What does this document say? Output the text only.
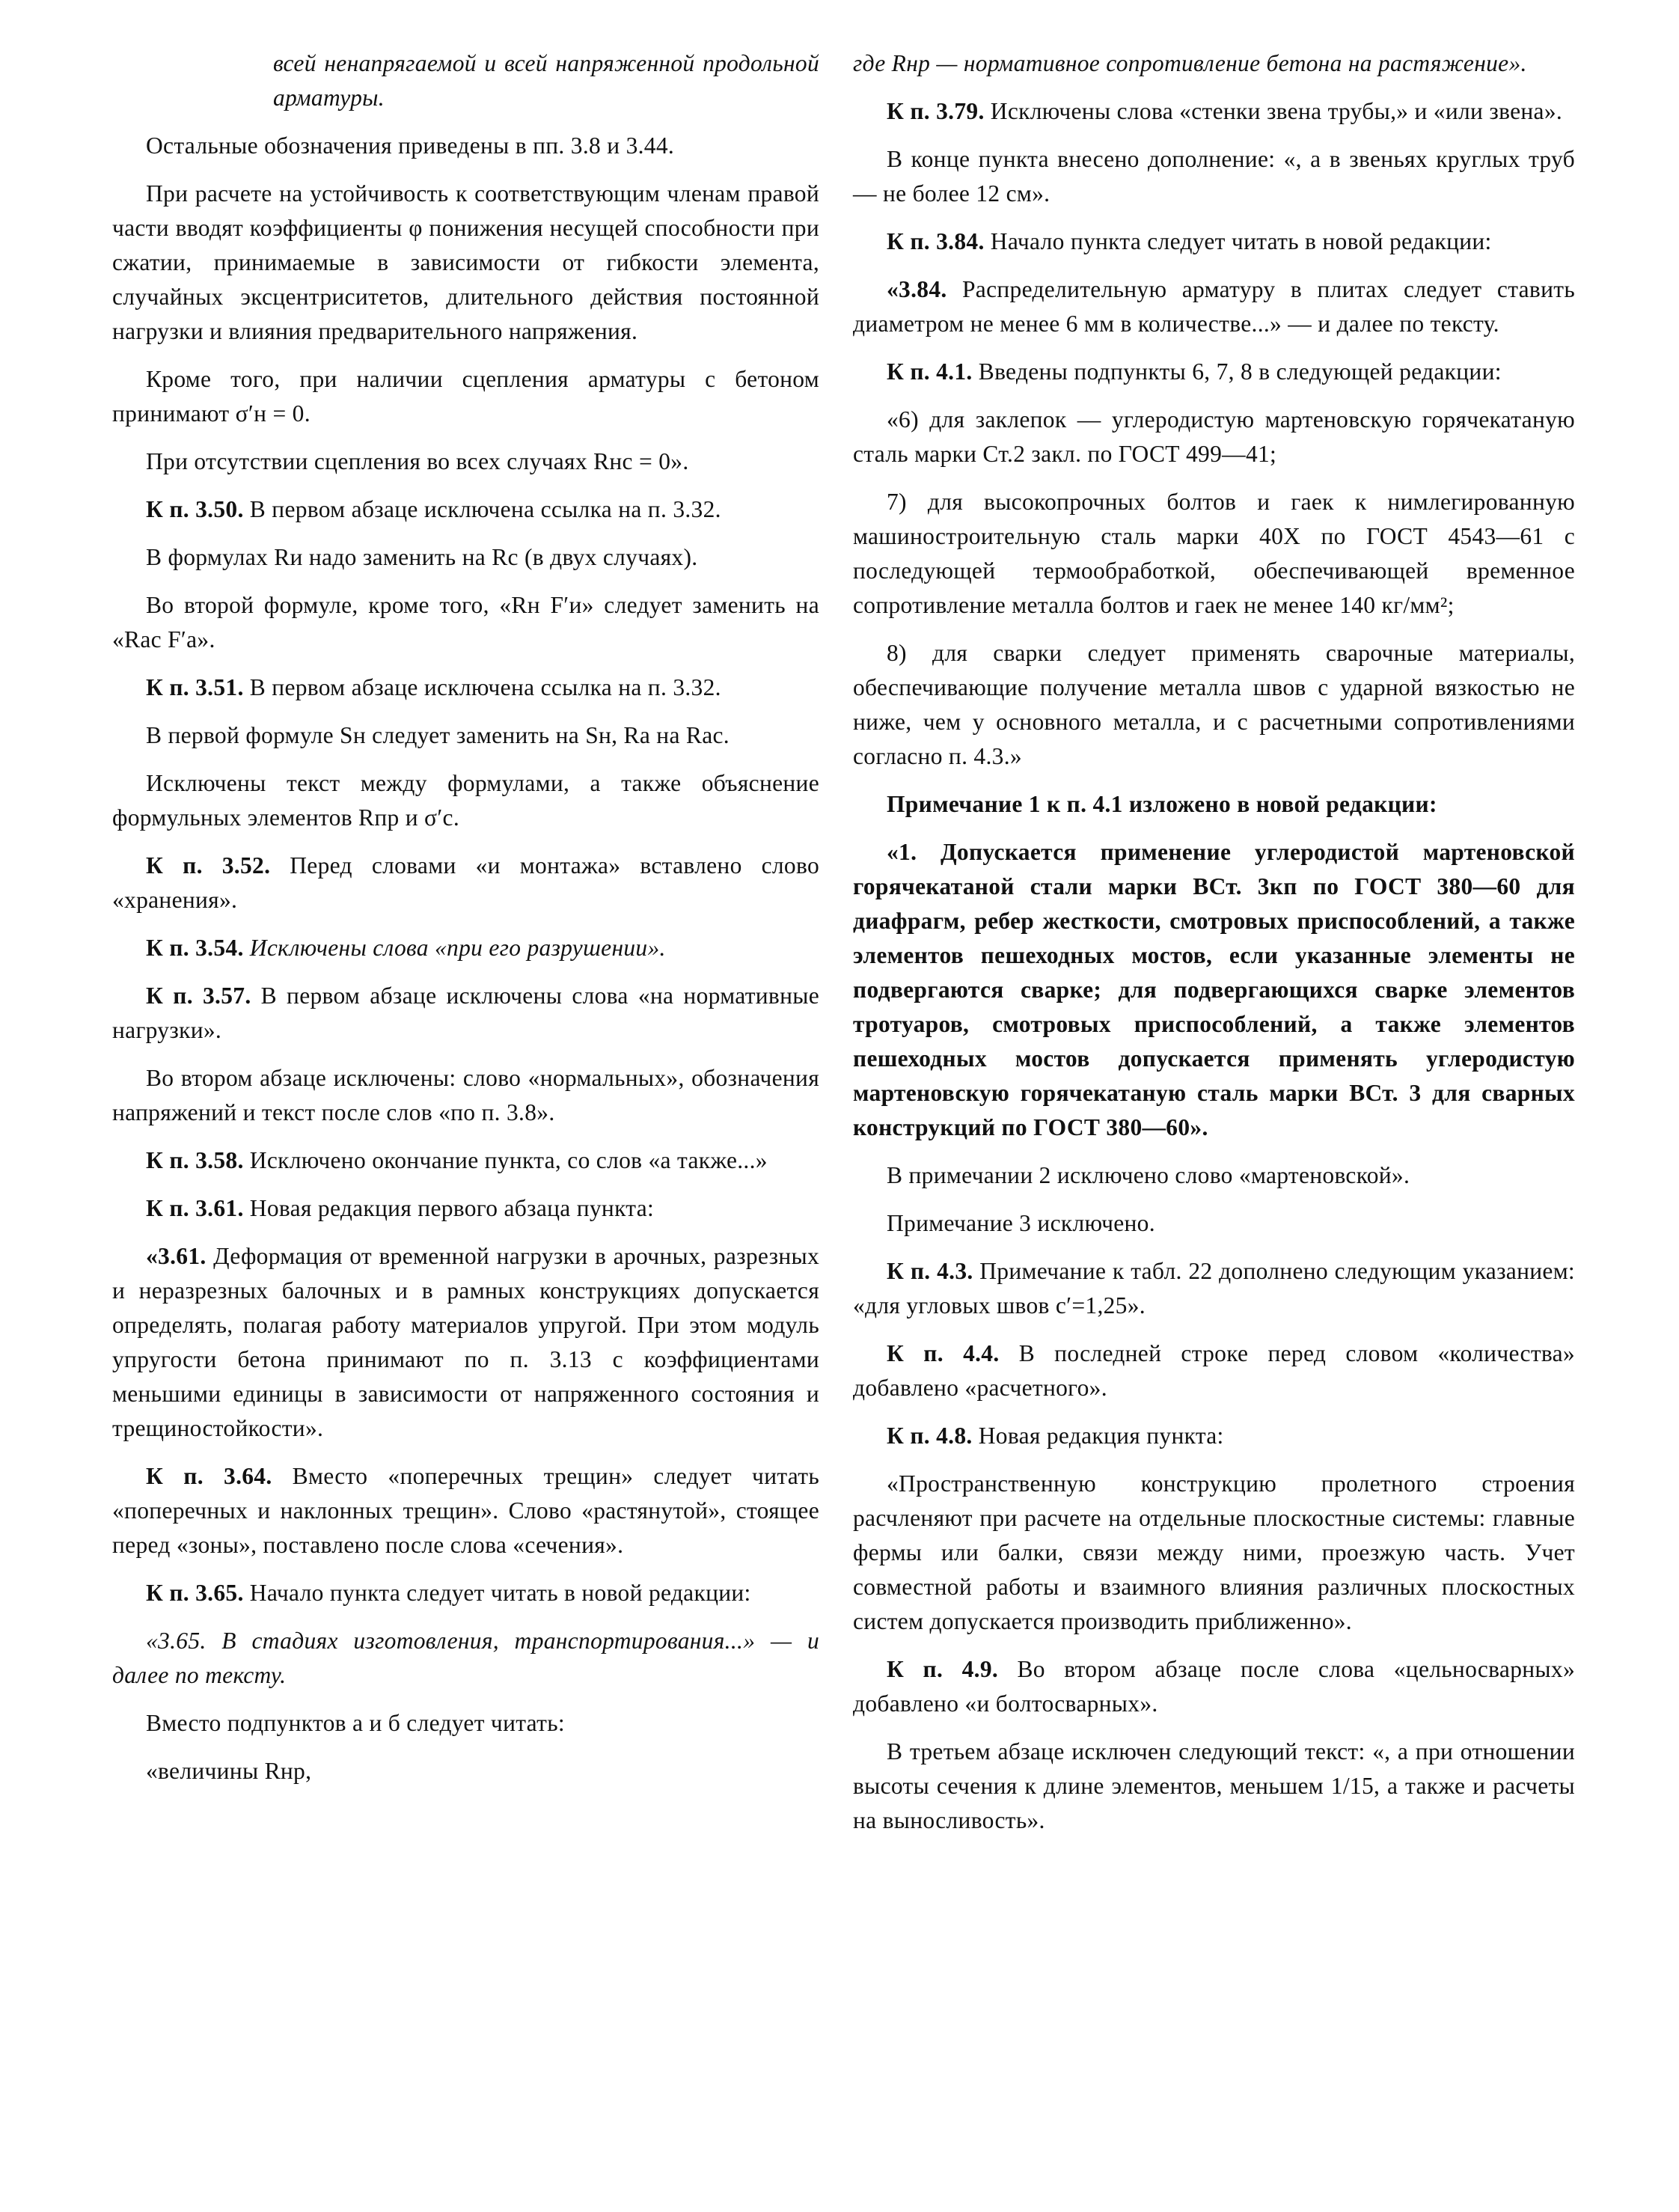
всей ненапрягаемой и всей напряженной продольной арматуры.

Остальные обозначения приведены в пп. 3.8 и 3.44.

При расчете на устойчивость к соответствующим членам правой части вводят коэффициенты φ понижения несущей способности при сжатии, принимаемые в зависимости от гибкости элемента, случайных эксцентриситетов, длительного действия постоянной нагрузки и влияния предварительного напряжения.

Кроме того, при наличии сцепления арматуры с бетоном принимают σ′н = 0.

При отсутствии сцепления во всех случаях Rнс = 0».

К п. 3.50. В первом абзаце исключена ссылка на п. 3.32.

В формулах Rи надо заменить на Rс (в двух случаях).

Во второй формуле, кроме того, «Rн F′и» следует заменить на «Rас F′а».

К п. 3.51. В первом абзаце исключена ссылка на п. 3.32.

В первой формуле Sн следует заменить на Sн, Rа на Rас.

Исключены текст между формулами, а также объяснение формульных элементов Rпр и σ′с.

К п. 3.52. Перед словами «и монтажа» вставлено слово «хранения».

К п. 3.54. Исключены слова «при его разрушении».

К п. 3.57. В первом абзаце исключены слова «на нормативные нагрузки».

Во втором абзаце исключены: слово «нормальных», обозначения напряжений и текст после слов «по п. 3.8».

К п. 3.58. Исключено окончание пункта, со слов «а также...»

К п. 3.61. Новая редакция первого абзаца пункта:

«3.61. Деформация от временной нагрузки в арочных, разрезных и неразрезных балочных и в рамных конструкциях допускается определять, полагая работу материалов упругой. При этом модуль упругости бетона принимают по п. 3.13 с коэффициентами меньшими единицы в зависимости от напряженного состояния и трещиностойкости».

К п. 3.64. Вместо «поперечных трещин» следует читать «поперечных и наклонных трещин». Слово «растянутой», стоящее перед «зоны», поставлено после слова «сечения».

К п. 3.65. Начало пункта следует читать в новой редакции:

«3.65. В стадиях изготовления, транспортирования...» — и далее по тексту.

Вместо подпунктов а и б следует читать:

«величины Rнр,

где Rнр — нормативное сопротивление бетона на растяжение».

К п. 3.79. Исключены слова «стенки звена трубы,» и «или звена».

В конце пункта внесено дополнение: «, а в звеньях круглых труб — не более 12 см».

К п. 3.84. Начало пункта следует читать в новой редакции:

«3.84. Распределительную арматуру в плитах следует ставить диаметром не менее 6 мм в количестве...» — и далее по тексту.

К п. 4.1. Введены подпункты 6, 7, 8 в следующей редакции:

«6) для заклепок — углеродистую мартеновскую горячекатаную сталь марки Ст.2 закл. по ГОСТ 499—41;

7) для высокопрочных болтов и гаек к нимлегированную машиностроительную сталь марки 40Х по ГОСТ 4543—61 с последующей термообработкой, обеспечивающей временное сопротивление металла болтов и гаек не менее 140 кг/мм²;

8) для сварки следует применять сварочные материалы, обеспечивающие получение металла швов с ударной вязкостью не ниже, чем у основного металла, и с расчетными сопротивлениями согласно п. 4.3.»

Примечание 1 к п. 4.1 изложено в новой редакции:

«1. Допускается применение углеродистой мартеновской горячекатаной стали марки ВСт. 3кп по ГОСТ 380—60 для диафрагм, ребер жесткости, смотровых приспособлений, а также элементов пешеходных мостов, если указанные элементы не подвергаются сварке; для подвергающихся сварке элементов тротуаров, смотровых приспособлений, а также элементов пешеходных мостов допускается применять углеродистую мартеновскую горячекатаную сталь марки ВСт. 3 для сварных конструкций по ГОСТ 380—60».

В примечании 2 исключено слово «мартеновской».

Примечание 3 исключено.

К п. 4.3. Примечание к табл. 22 дополнено следующим указанием: «для угловых швов c′=1,25».

К п. 4.4. В последней строке перед словом «количества» добавлено «расчетного».

К п. 4.8. Новая редакция пункта:

«Пространственную конструкцию пролетного строения расчленяют при расчете на отдельные плоскостные системы: главные фермы или балки, связи между ними, проезжую часть. Учет совместной работы и взаимного влияния различных плоскостных систем допускается производить приближенно».

К п. 4.9. Во втором абзаце после слова «цельносварных» добавлено «и болтосварных».

В третьем абзаце исключен следующий текст: «, а при отношении высоты сечения к длине элементов, меньшем 1/15, а также и расчеты на выносливость».
